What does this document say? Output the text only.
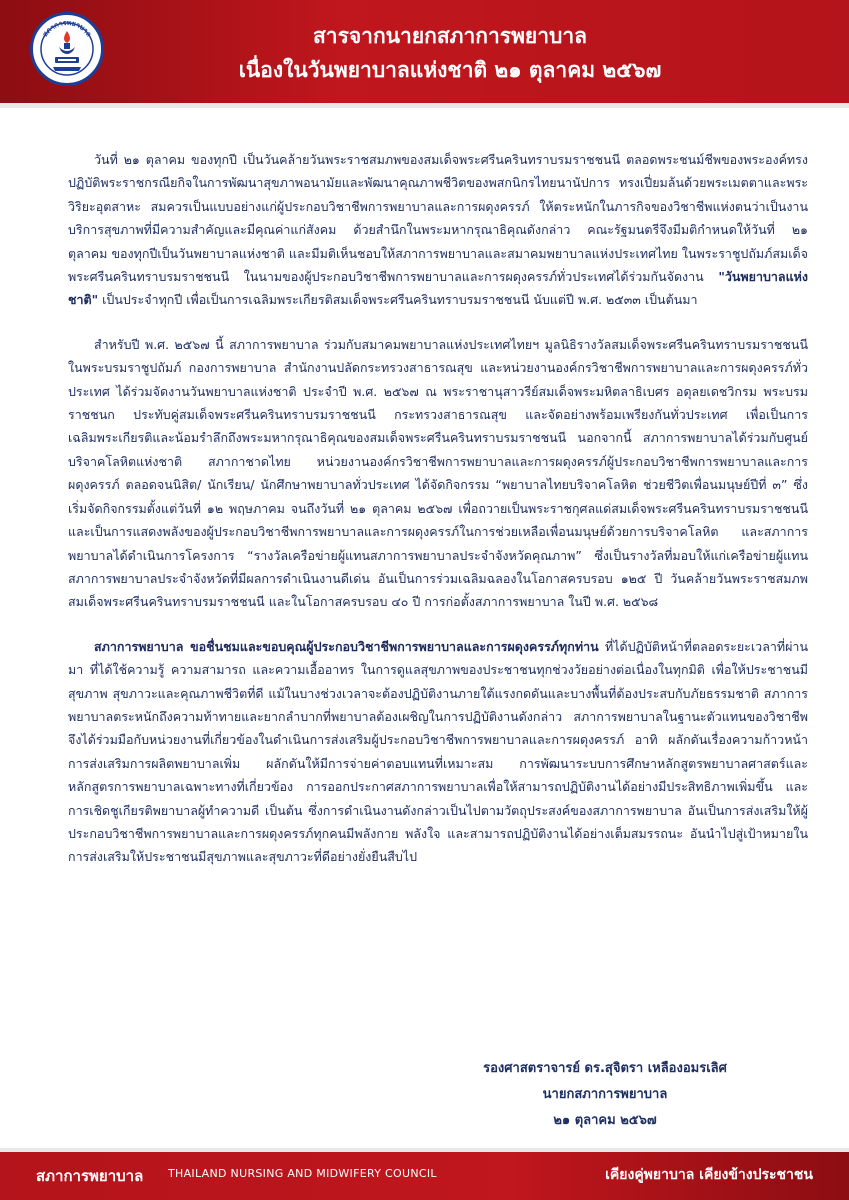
สภาการพยาบาล	สารจากนายกสภาการพยาบาล
เนื่องในวันพยาบาลแห่งชาติ ๒๑ ตุลาคม ๒๕๖๗

วันที่ ๒๑ ตุลาคม ของทุกปี เป็นวันคล้ายวันพระราชสมภพของสมเด็จพระศรีนครินทราบรมราชชนนี ตลอดพระชนม์ชีพของพระองค์ทรงปฏิบัติพระราชกรณียกิจในการพัฒนาสุขภาพอนามัยและพัฒนาคุณภาพชีวิตของพสกนิกรไทยนานัปการ ทรงเปี่ยมล้นด้วยพระเมตตาและพระวิริยะอุตสาหะ สมควรเป็นแบบอย่างแก่ผู้ประกอบวิชาชีพการพยาบาลและการผดุงครรภ์ ให้ตระหนักในภารกิจของวิชาชีพแห่งตนว่าเป็นงานบริการสุขภาพที่มีความสำคัญและมีคุณค่าแก่สังคม ด้วยสำนึกในพระมหากรุณาธิคุณดังกล่าว คณะรัฐมนตรีจึงมีมติกำหนดให้วันที่ ๒๑ ตุลาคม ของทุกปีเป็นวันพยาบาลแห่งชาติ และมีมติเห็นชอบให้สภาการพยาบาลและสมาคมพยาบาลแห่งประเทศไทย ในพระราชูปถัมภ์สมเด็จพระศรีนครินทราบรมราชชนนี ในนามของผู้ประกอบวิชาชีพการพยาบาลและการผดุงครรภ์ทั่วประเทศได้ร่วมกันจัดงาน "วันพยาบาลแห่งชาติ" เป็นประจำทุกปี เพื่อเป็นการเฉลิมพระเกียรติสมเด็จพระศรีนครินทราบรมราชชนนี นับแต่ปี พ.ศ. ๒๕๓๓ เป็นต้นมา

สำหรับปี พ.ศ. ๒๕๖๗ นี้ สภาการพยาบาล ร่วมกับสมาคมพยาบาลแห่งประเทศไทยฯ มูลนิธิรางวัลสมเด็จพระศรีนครินทราบรมราชชนนี ในพระบรมราชูปถัมภ์ กองการพยาบาล สำนักงานปลัดกระทรวงสาธารณสุข และหน่วยงานองค์กรวิชาชีพการพยาบาลและการผดุงครรภ์ทั่วประเทศ ได้ร่วมจัดงานวันพยาบาลแห่งชาติ ประจำปี พ.ศ. ๒๕๖๗ ณ พระราชานุสาวรีย์สมเด็จพระมหิตลาธิเบศร อดุลยเดชวิกรม พระบรมราชชนก ประทับคู่สมเด็จพระศรีนครินทราบรมราชชนนี กระทรวงสาธารณสุข และจัดอย่างพร้อมเพรียงกันทั่วประเทศ เพื่อเป็นการเฉลิมพระเกียรติและน้อมรำลึกถึงพระมหากรุณาธิคุณของสมเด็จพระศรีนครินทราบรมราชชนนี นอกจากนี้ สภาการพยาบาลได้ร่วมกับศูนย์บริจาคโลหิตแห่งชาติ สภากาชาดไทย หน่วยงานองค์กรวิชาชีพการพยาบาลและการผดุงครรภ์ผู้ประกอบวิชาชีพการพยาบาลและการผดุงครรภ์ ตลอดจนนิสิต/ นักเรียน/ นักศึกษาพยาบาลทั่วประเทศ ได้จัดกิจกรรม “พยาบาลไทยบริจาคโลหิต ช่วยชีวิตเพื่อนมนุษย์ปีที่ ๓” ซึ่งเริ่มจัดกิจกรรมตั้งแต่วันที่ ๑๒ พฤษภาคม จนถึงวันที่ ๒๑ ตุลาคม ๒๕๖๗ เพื่อถวายเป็นพระราชกุศลแด่สมเด็จพระศรีนครินทราบรมราชชนนี และเป็นการแสดงพลังของผู้ประกอบวิชาชีพการพยาบาลและการผดุงครรภ์ในการช่วยเหลือเพื่อนมนุษย์ด้วยการบริจาคโลหิต และสภาการพยาบาลได้ดำเนินการโครงการ “รางวัลเครือข่ายผู้แทนสภาการพยาบาลประจำจังหวัดคุณภาพ” ซึ่งเป็นรางวัลที่มอบให้แก่เครือข่ายผู้แทนสภาการพยาบาลประจำจังหวัดที่มีผลการดำเนินงานดีเด่น อันเป็นการร่วมเฉลิมฉลองในโอกาสครบรอบ ๑๒๕ ปี วันคล้ายวันพระราชสมภพสมเด็จพระศรีนครินทราบรมราชชนนี และในโอกาสครบรอบ ๔๐ ปี การก่อตั้งสภาการพยาบาล ในปี พ.ศ. ๒๕๖๘

สภาการพยาบาล ขอชื่นชมและขอบคุณผู้ประกอบวิชาชีพการพยาบาลและการผดุงครรภ์ทุกท่าน ที่ได้ปฏิบัติหน้าที่ตลอดระยะเวลาที่ผ่านมา ที่ได้ใช้ความรู้ ความสามารถ และความเอื้ออาทร ในการดูแลสุขภาพของประชาชนทุกช่วงวัยอย่างต่อเนื่องในทุกมิติ เพื่อให้ประชาชนมีสุขภาพ สุขภาวะและคุณภาพชีวิตที่ดี แม้ในบางช่วงเวลาจะต้องปฏิบัติงานภายใต้แรงกดดันและบางพื้นที่ต้องประสบกับภัยธรรมชาติ สภาการพยาบาลตระหนักถึงความท้าทายและยากลำบากที่พยาบาลต้องเผชิญในการปฏิบัติงานดังกล่าว สภาการพยาบาลในฐานะตัวแทนของวิชาชีพ จึงได้ร่วมมือกับหน่วยงานที่เกี่ยวข้องในดำเนินการส่งเสริมผู้ประกอบวิชาชีพการพยาบาลและการผดุงครรภ์ อาทิ ผลักดันเรื่องความก้าวหน้าการส่งเสริมการผลิตพยาบาลเพิ่ม ผลักดันให้มีการจ่ายค่าตอบแทนที่เหมาะสม การพัฒนาระบบการศึกษาหลักสูตรพยาบาลศาสตร์และหลักสูตรการพยาบาลเฉพาะทางที่เกี่ยวข้อง การออกประกาศสภาการพยาบาลเพื่อให้สามารถปฏิบัติงานได้อย่างมีประสิทธิภาพเพิ่มขึ้น และการเชิดชูเกียรติพยาบาลผู้ทำความดี เป็นต้น ซึ่งการดำเนินงานดังกล่าวเป็นไปตามวัตถุประสงค์ของสภาการพยาบาล อันเป็นการส่งเสริมให้ผู้ประกอบวิชาชีพการพยาบาลและการผดุงครรภ์ทุกคนมีพลังกาย พลังใจ และสามารถปฏิบัติงานได้อย่างเต็มสมรรถนะ อันนำไปสู่เป้าหมายในการส่งเสริมให้ประชาชนมีสุขภาพและสุขภาวะที่ดีอย่างยั่งยืนสืบไป

รองศาสตราจารย์ ดร.สุจิตรา เหลืองอมรเลิศ
นายกสภาการพยาบาล
๒๑ ตุลาคม ๒๕๖๗
สภาการพยาบาล THAILAND NURSING AND MIDWIFERY COUNCIL	เคียงคู่พยาบาล เคียงข้างประชาชน
